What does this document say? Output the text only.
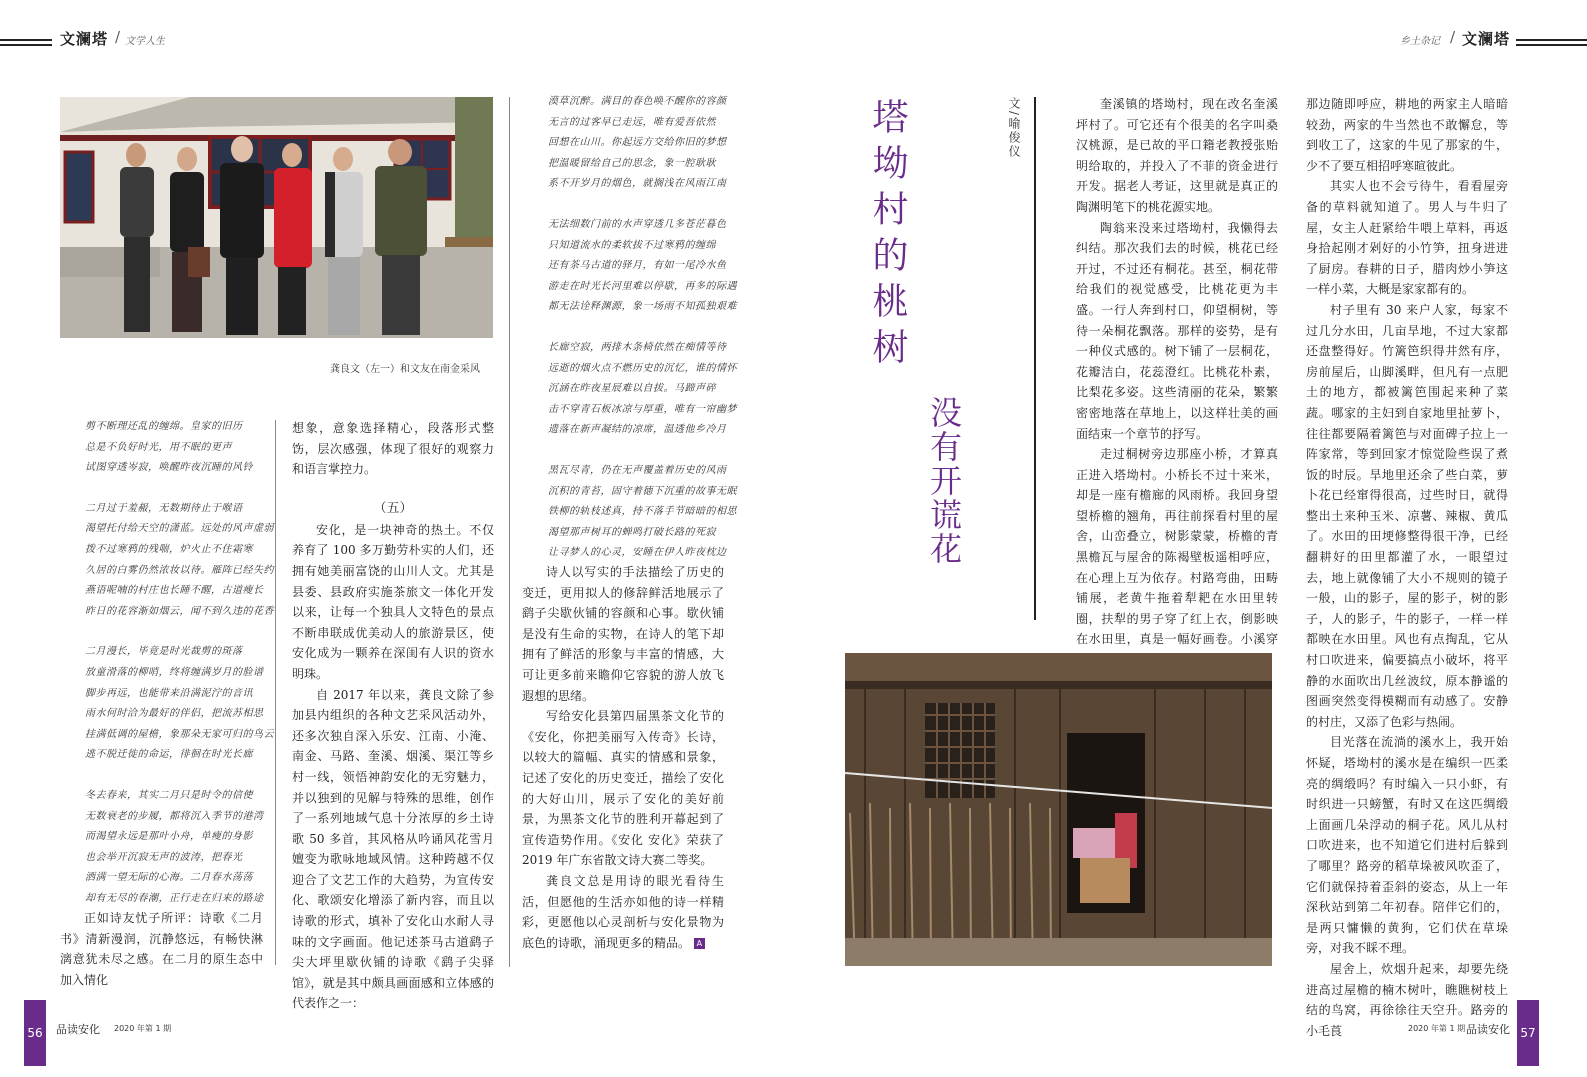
文澜塔 / 文学人生	乡土杂记 / 文澜塔
龚良文（左一）和文友在南金采风
剪不断理还乱的缠绵。皇家的旧历
总是不负好时光，用不眠的更声
试图穿透岑寂，唤醒昨夜沉睡的风铃
二月过于羞赧，无数期待止于喉语
渴望托付给天空的潇蓝。远处的风声虚弱
拨不过寒鸦的残喘，炉火止不住霜寒
久居的白雾仍然浓妆以待。雁阵已经失约
燕语呢喃的村庄也长睡不醒，古道瘦长
昨日的花容渐如烟云，闻不到久违的花香
二月漫长，毕竟是时光裁剪的斑落
放童滑落的柳哨，终将缠满岁月的脸谱
脚步再远，也能带来沿满泥泞的音讯
雨水何时洽为最好的伴侣，把流苏相思
挂满低调的屋檐，象那朵无家可归的鸟云
逃不脱迁徙的命运，徘徊在时光长廊
冬去春来，其实二月只是时令的信使
无数衰老的步履，都将沉入季节的港湾
而渴望永远是那叶小舟，单瘦的身影
也会举开沉寂无声的波涛，把春光
洒满一望无际的心海。二月春水荡荡
却有无尽的春潮，正行走在归来的路途

正如诗友忧子所评：诗歌《二月书》清新漫润，沉静悠远，有畅快淋漓意犹未尽之感。在二月的原生态中加入情化

想象，意象选择精心，段落形式整饬，层次感强，体现了很好的观察力和语言掌控力。

（五）

安化，是一块神奇的热土。不仅养育了 100 多万勤劳朴实的人们，还拥有她美丽富饶的山川人文。尤其是县委、县政府实施茶旅文一体化开发以来，让每一个独具人文特色的景点不断串联成优美动人的旅游景区，使安化成为一颗养在深闺有人识的资水明珠。

自 2017 年以来，龚良文除了参加县内组织的各种文艺采风活动外，还多次独自深入乐安、江南、小淹、南金、马路、奎溪、烟溪、渠江等乡村一线，领悟神韵安化的无穷魅力，并以独到的见解与特殊的思维，创作了一系列地域气息十分浓厚的乡土诗歌 50 多首，其风格从吟诵风花雪月嬗变为歌咏地域风情。这种跨越不仅迎合了文艺工作的大趋势，为宣传安化、歌颂安化增添了新内容，而且以诗歌的形式，填补了安化山水耐人寻味的文字画面。他记述茶马古道鹞子尖大坪里歇伙铺的诗歌《鹞子尖驿馆》，就是其中颇具画面感和立体感的代表作之一：

漠草沉醉。满目的春色唤不醒你的容颜
无言的过客早已走远，唯有爱吾依然
回想在山川。你起远方交给你旧的梦想
把温暖留给自己的思念，象一腔耿耿
系不开岁月的烟色，就搁浅在风雨江南
无法细数门前的水声穿透几多苍茫暮色
只知道流水的柔软拔不过寒鸦的缠绵
还有茶马古道的驿月，有如一尾冷水鱼
游走在时光长河里难以停歇，再多的际遇
都无法诠释渊源，象一场雨不知孤独艰难
长廊空寂，两排木条椅依然在痴情等待
远逝的烟火点不燃历史的沉忆，谁的情怀
沉涵在昨夜星辰难以自拔。马蹄声碎
击不穿青石板冰凉与厚重，唯有一帘幽梦
遗落在新声凝结的凉席，温透他乡冷月
黑瓦尽青，仍在无声覆盖着历史的风雨
沉积的青苔，固守着德下沉重的故事无眠
铁柳的轨枝述真，持不落手节暗暗的相思
渴望那声树耳的蝉鸣打破长路的死寂
让寻梦人的心灵，安睡在伊人昨夜枕边

诗人以写实的手法描绘了历史的变迁，更用拟人的修辞鲜活地展示了鹞子尖歇伙铺的容颜和心事。歇伙铺是没有生命的实物，在诗人的笔下却拥有了鲜活的形象与丰富的情感，大可让更多前来瞻仰它容貌的游人放飞遐想的思绪。

写给安化县第四届黑茶文化节的《安化，你把美丽写入传奇》长诗，以较大的篇幅、真实的情感和景象，记述了安化的历史变迁，描绘了安化的大好山川，展示了安化的美好前景，为黑茶文化节的胜利开幕起到了宣传造势作用。《安化 安化》荣获了 2019 年广东省散文诗大赛二等奖。

龚良文总是用诗的眼光看待生活，但愿他的生活亦如他的诗一样精彩，更愿他以心灵剖析与安化景物为底色的诗歌，涌现更多的精品。 A

塔坳村的桃树
没有开谎花
文/喻俊仪	奎溪镇的塔坳村，现在改名奎溪坪村了。可它还有个很美的名字叫桑汉桃源，是已故的平口籍老教授张贻明给取的，并投入了不菲的资金进行开发。据老人考证，这里就是真正的陶渊明笔下的桃花源实地。

陶翁来没来过塔坳村，我懒得去纠结。那次我们去的时候，桃花已经开过，不过还有桐花。甚至，桐花带给我们的视觉感受，比桃花更为丰盛。一行人奔到村口，仰望桐树，等待一朵桐花飘落。那样的姿势，是有一种仪式感的。树下铺了一层桐花，花瓣洁白，花蕊澄红。比桃花朴素，比梨花多姿。这些清丽的花朵，繁繁密密地落在草地上，以这样壮美的画面结束一个章节的抒写。

走过桐树旁边那座小桥，才算真正进入塔坳村。小桥长不过十来米，却是一座有檐廊的风雨桥。我回身望望桥檐的翘角，再往前探看村里的屋舍，山峦叠立，树影蒙蒙，桥檐的青黑檐瓦与屋舍的陈褐壁板遥相呼应，在心理上互为依存。村路弯曲，田畴铺展，老黄牛拖着犁耙在水田里转圈，扶犁的男子穿了红上衣，倒影映在水田里，真是一幅好画卷。小溪穿

那边随即呼应，耕地的两家主人暗暗较劲，两家的牛当然也不敢懈怠，等到收工了，这家的牛见了那家的牛，少不了要互相招呼寒暄彼此。

其实人也不会亏待牛，看看屋旁备的草料就知道了。男人与牛归了屋，女主人赶紧给牛喂上草料，再返身拾起刚才剁好的小竹笋，扭身进进了厨房。春耕的日子，腊肉炒小笋这一样小菜，大概是家家都有的。

村子里有 30 来户人家，每家不过几分水田，几亩旱地，不过大家都还盘整得好。竹篱笆织得井然有序，房前屋后，山脚溪畔，但凡有一点肥土的地方，都被篱笆围起来种了菜蔬。哪家的主妇到自家地里扯萝卜，往往都要隔着篱笆与对面碑子拉上一阵家常，等到回家才惊觉险些误了煮饭的时辰。旱地里还余了些白菜，萝卜花已经窜得很高，过些时日，就得整出土来种玉米、凉薯、辣椒、黄瓜了。水田的田埂修整得很干净，已经翻耕好的田里都灌了水，一眼望过去，地上就像铺了大小不规则的镜子一般，山的影子，屋的影子，树的影子，人的影子，牛的影子，一样一样都映在水田里。风也有点掏乱，它从村口吹进来，偏要搞点小破坏，将平静的水面吹出几丝波纹，原本静谧的图画突然变得模糊而有动感了。安静的村庄，又添了色彩与热闹。

目光落在流淌的溪水上，我开始怀疑，塔坳村的溪水是在编织一匹柔亮的绸缎吗？有时编入一只小虾，有时织进一只螃蟹，有时又在这匹绸缎上面画几朵浮动的桐子花。风儿从村口吹进来，也不知道它们进村后躲到了哪里？路旁的稻草垛被风吹歪了，它们就保持着歪斜的姿态，从上一年深秋站到第二年初春。陪伴它们的，是两只慵懒的黄狗，它们伏在草垛旁，对我不睬不理。

屋舍上，炊烟升起来，却要先绕进高过屋檐的楠木树叶，瞧瞧树枝上结的鸟窝，再徐徐往天空升。路旁的小毛莨

56	品读安化 2020 年第 1 期	2020 年第 1 期 品读安化 57
